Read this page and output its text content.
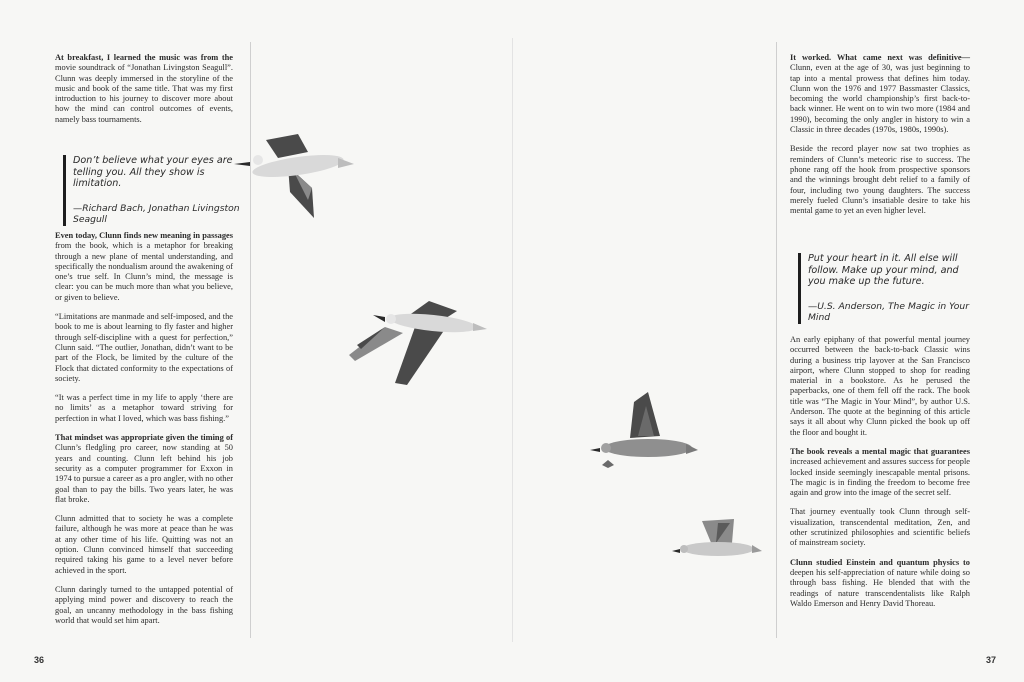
At breakfast, I learned the music was from the movie soundtrack of “Jonathan Livingston Seagull”. Clunn was deeply immersed in the storyline of the music and book of the same title. That was my first introduction to his journey to discover more about how the mind can control outcomes of events, namely bass tournaments.

Don’t believe what your eyes are telling you. All they show is limitation.

—Richard Bach, Jonathan Livingston Seagull

Even today, Clunn finds new meaning in passages from the book, which is a metaphor for breaking through a new plane of mental understanding, and specifically the nondualism around the awakening of one’s true self. In Clunn’s mind, the message is clear: you can be much more than what you believe, or given to believe.

“Limitations are manmade and self-imposed, and the book to me is about learning to fly faster and higher through self-discipline with a quest for perfection,” Clunn said. “The outlier, Jonathan, didn’t want to be part of the Flock, be limited by the culture of the Flock that dictated conformity to the expectations of society.

“It was a perfect time in my life to apply ‘there are no limits’ as a metaphor toward striving for perfection in what I loved, which was bass fishing.”

That mindset was appropriate given the timing of Clunn’s fledgling pro career, now standing at 50 years and counting. Clunn left behind his job security as a computer programmer for Exxon in 1974 to pursue a career as a pro angler, with no other goal than to pay the bills. Two years later, he was flat broke.

Clunn admitted that to society he was a complete failure, although he was more at peace than he was at any other time of his life. Quitting was not an option. Clunn convinced himself that succeeding required taking his game to a level never before achieved in the sport.

Clunn daringly turned to the untapped potential of applying mind power and discovery to reach the goal, an uncanny methodology in the bass fishing world that would set him apart.

36

It worked. What came next was definitive—Clunn, even at the age of 30, was just beginning to tap into a mental prowess that defines him today. Clunn won the 1976 and 1977 Bassmaster Classics, becoming the world championship’s first back-to-back winner. He went on to win two more (1984 and 1990), becoming the only angler in history to win a Classic in three decades (1970s, 1980s, 1990s).

Beside the record player now sat two trophies as reminders of Clunn’s meteoric rise to success. The phone rang off the hook from prospective sponsors and the winnings brought debt relief to a family of four, including two young daughters. The success merely fueled Clunn’s insatiable desire to take his mental game to yet an even higher level.

Put your heart in it. All else will follow. Make up your mind, and you make up the future.

—U.S. Anderson, The Magic in Your Mind

An early epiphany of that powerful mental journey occurred between the back-to-back Classic wins during a business trip layover at the San Francisco airport, where Clunn stopped to shop for reading material in a bookstore. As he perused the paperbacks, one of them fell off the rack. The book title was “The Magic in Your Mind”, by author U.S. Anderson. The quote at the beginning of this article says it all about why Clunn picked the book up off the floor and bought it.

The book reveals a mental magic that guarantees increased achievement and assures success for people locked inside seemingly inescapable mental prisons. The magic is in finding the freedom to become free again and grow into the image of the secret self.

That journey eventually took Clunn through self-visualization, transcendental meditation, Zen, and other scrutinized philosophies and scientific beliefs of mainstream society.

Clunn studied Einstein and quantum physics to deepen his self-appreciation of nature while doing so through bass fishing. He blended that with the readings of nature transcendentalists like Ralph Waldo Emerson and Henry David Thoreau.

37
